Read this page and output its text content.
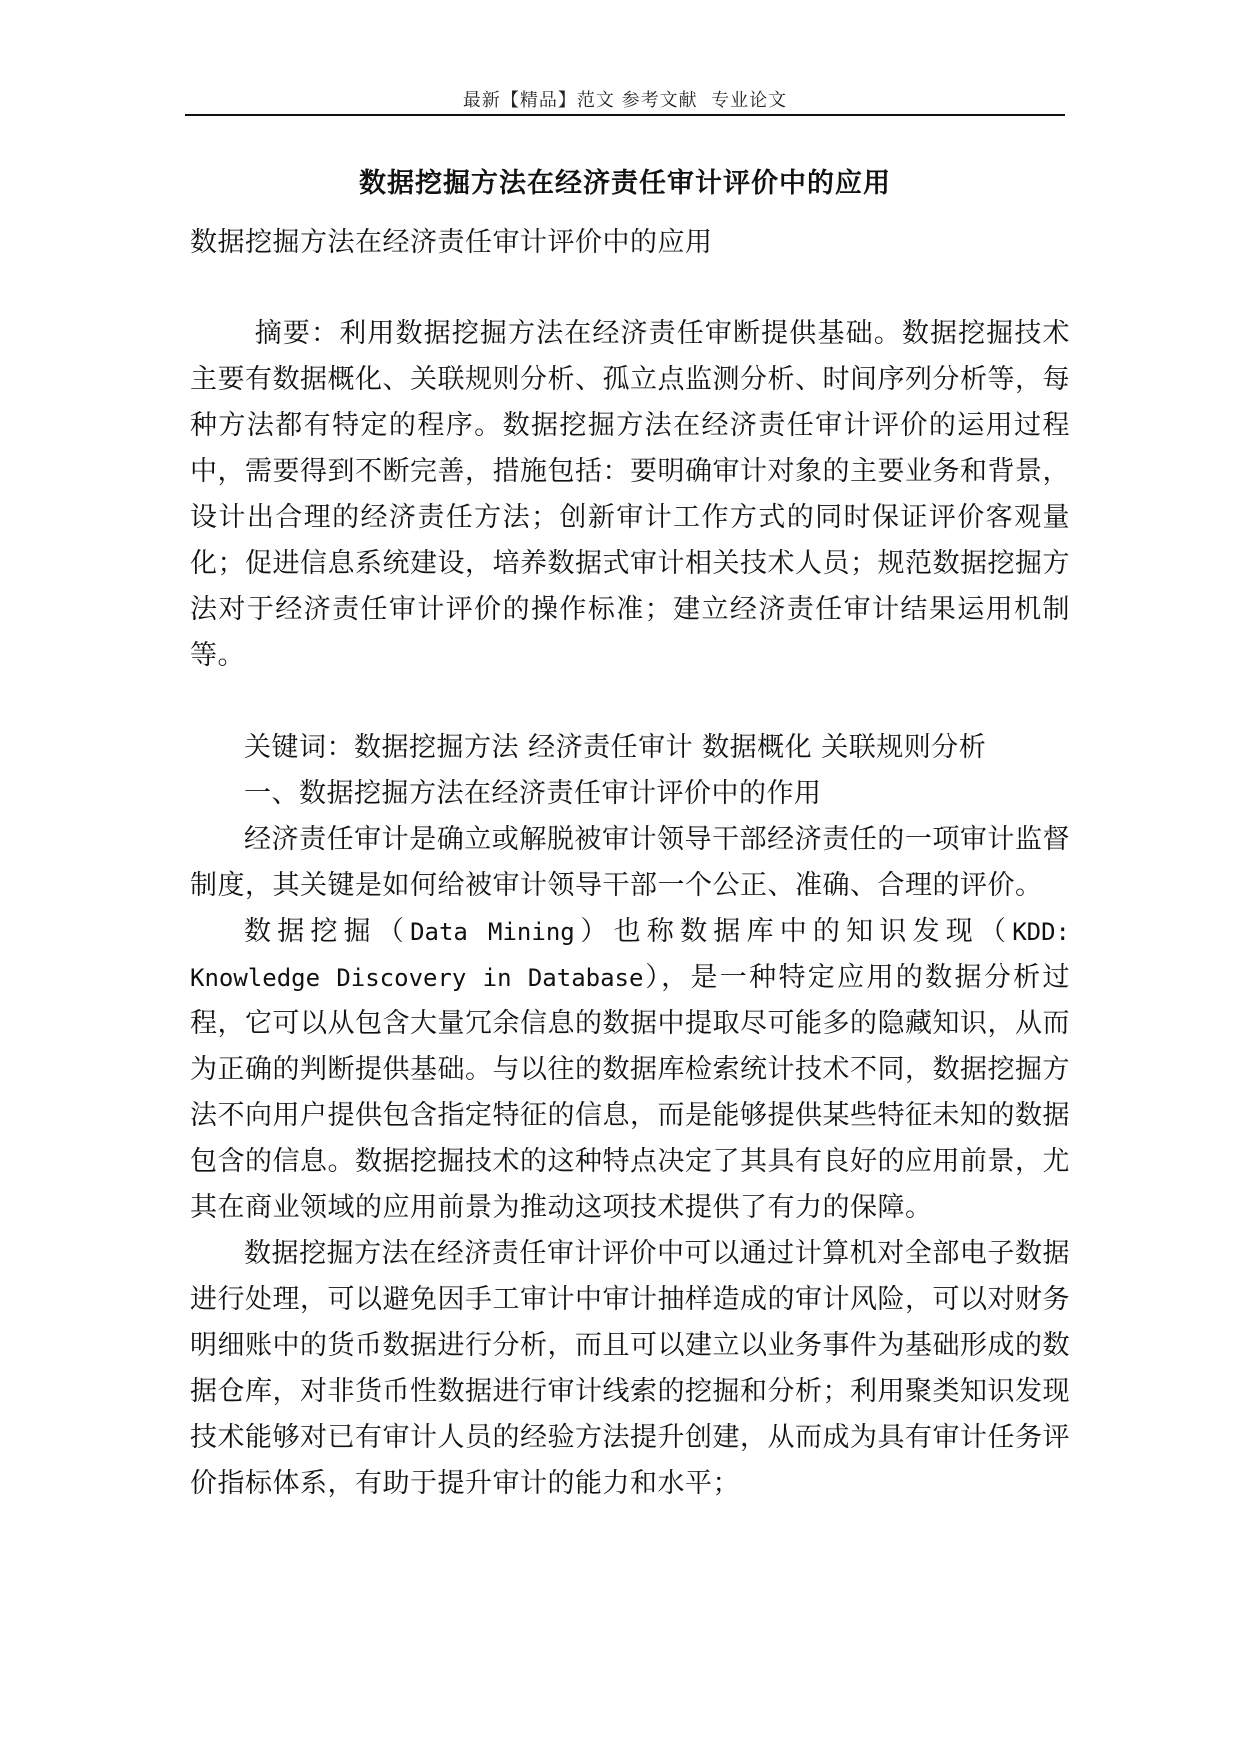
最新【精品】范文 参考文献  专业论文
数据挖掘方法在经济责任审计评价中的应用

数据挖掘方法在经济责任审计评价中的应用

摘要：利用数据挖掘方法在经济责任审断提供基础。数据挖掘技术主要有数据概化、关联规则分析、孤立点监测分析、时间序列分析等，每种方法都有特定的程序。数据挖掘方法在经济责任审计评价的运用过程中，需要得到不断完善，措施包括：要明确审计对象的主要业务和背景，设计出合理的经济责任方法；创新审计工作方式的同时保证评价客观量化；促进信息系统建设，培养数据式审计相关技术人员；规范数据挖掘方法对于经济责任审计评价的操作标准；建立经济责任审计结果运用机制等。

关键词：数据挖掘方法 经济责任审计 数据概化 关联规则分析

一、数据挖掘方法在经济责任审计评价中的作用

经济责任审计是确立或解脱被审计领导干部经济责任的一项审计监督制度，其关键是如何给被审计领导干部一个公正、准确、合理的评价。

数据挖掘（Data Mining）也称数据库中的知识发现（KDD: Knowledge Discovery in Database），是一种特定应用的数据分析过程，它可以从包含大量冗余信息的数据中提取尽可能多的隐藏知识，从而为正确的判断提供基础。与以往的数据库检索统计技术不同，数据挖掘方法不向用户提供包含指定特征的信息，而是能够提供某些特征未知的数据包含的信息。数据挖掘技术的这种特点决定了其具有良好的应用前景，尤其在商业领域的应用前景为推动这项技术提供了有力的保障。

数据挖掘方法在经济责任审计评价中可以通过计算机对全部电子数据进行处理，可以避免因手工审计中审计抽样造成的审计风险，可以对财务明细账中的货币数据进行分析，而且可以建立以业务事件为基础形成的数据仓库，对非货币性数据进行审计线索的挖掘和分析；利用聚类知识发现技术能够对已有审计人员的经验方法提升创建，从而成为具有审计任务评价指标体系，有助于提升审计的能力和水平；
